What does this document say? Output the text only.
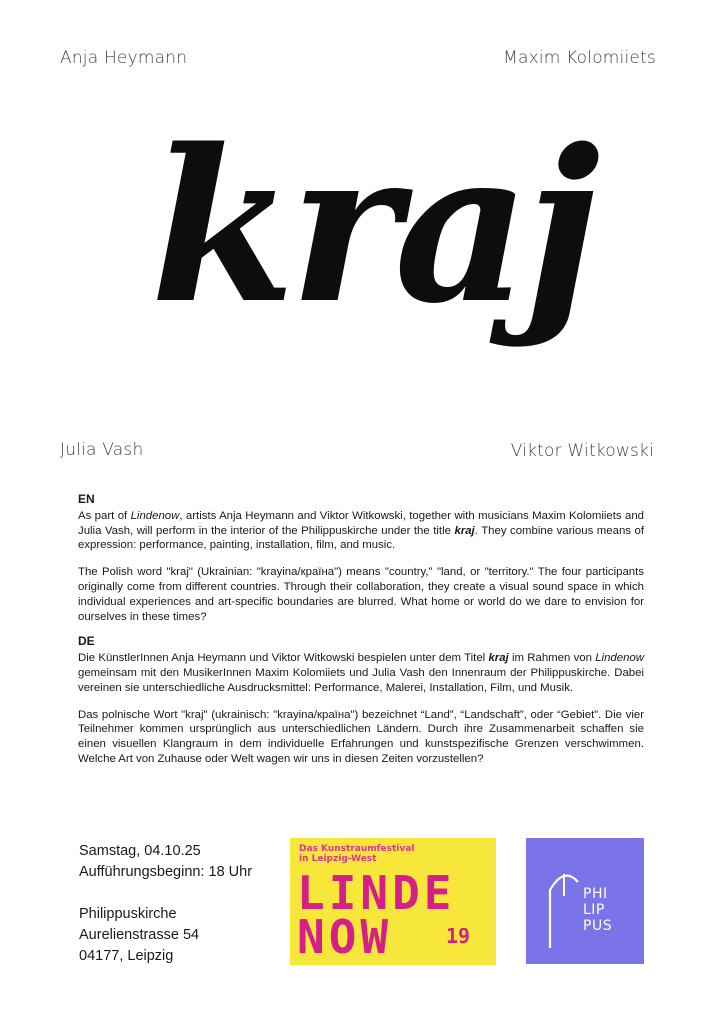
Anja Heymann	Maxim Kolomiiets
kraj
Julia Vash	Viktor Witkowski
EN

As part of Lindenow, artists Anja Heymann and Viktor Witkowski, together with musicians Maxim Kolomiiets and Julia Vash, will perform in the interior of the Philippuskirche under the title kraj. They combine various means of expression: performance, painting, installation, film, and music.

The Polish word "kraj" (Ukrainian: "krayina/країна") means "country," "land, or "territory." The four participants originally come from different countries. Through their collaboration, they create a visual sound space in which individual experiences and art-specific boundaries are blurred. What home or world do we dare to envision for ourselves in these times?

DE

Die KünstlerInnen Anja Heymann und Viktor Witkowski bespielen unter dem Titel kraj im Rahmen von Lindenow gemeinsam mit den MusikerInnen Maxim Kolomiiets und Julia Vash den Innenraum der Philippuskirche. Dabei vereinen sie unterschiedliche Ausdrucksmittel: Performance, Malerei, Installation, Film, und Musik.

Das polnische Wort "kraj" (ukrainisch: "krayina/країна") bezeichnet “Land”, “Landschaft”, oder “Gebiet”. Die vier Teilnehmer kommen ursprünglich aus unterschiedlichen Ländern. Durch ihre Zusammenarbeit schaffen sie einen visuellen Klangraum in dem individuelle Erfahrungen und kunstspezifische Grenzen verschwimmen. Welche Art von Zuhause oder Welt wagen wir uns in diesen Zeiten vorzustellen?

Samstag, 04.10.25
Aufführungsbeginn: 18 Uhr
Philippuskirche
Aurelienstrasse 54
04177, Leipzig
Das Kunstraumfestival
in Leipzig-West
LINDE
NOW	19
PHI
LIP
PUS
